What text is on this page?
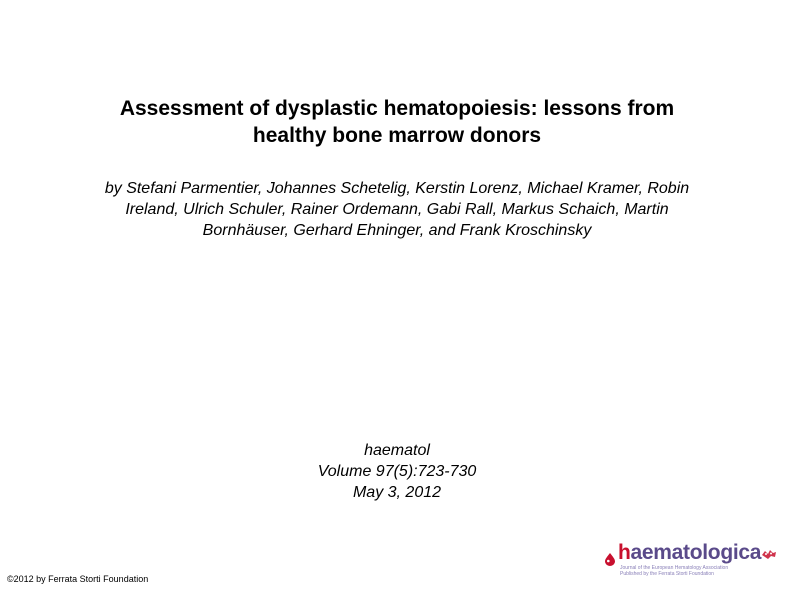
Assessment of dysplastic hematopoiesis: lessons from
healthy bone marrow donors
by Stefani Parmentier, Johannes Schetelig, Kerstin Lorenz, Michael Kramer, Robin
Ireland, Ulrich Schuler, Rainer Ordemann, Gabi Rall, Markus Schaich, Martin
Bornhäuser, Gerhard Ehninger, and Frank Kroschinsky
haematol
Volume 97(5):723-730
May 3, 2012
©2012 by Ferrata Storti Foundation
haematologica
Journal of the European Hematology Association
Published by the Ferrata Storti Foundation
